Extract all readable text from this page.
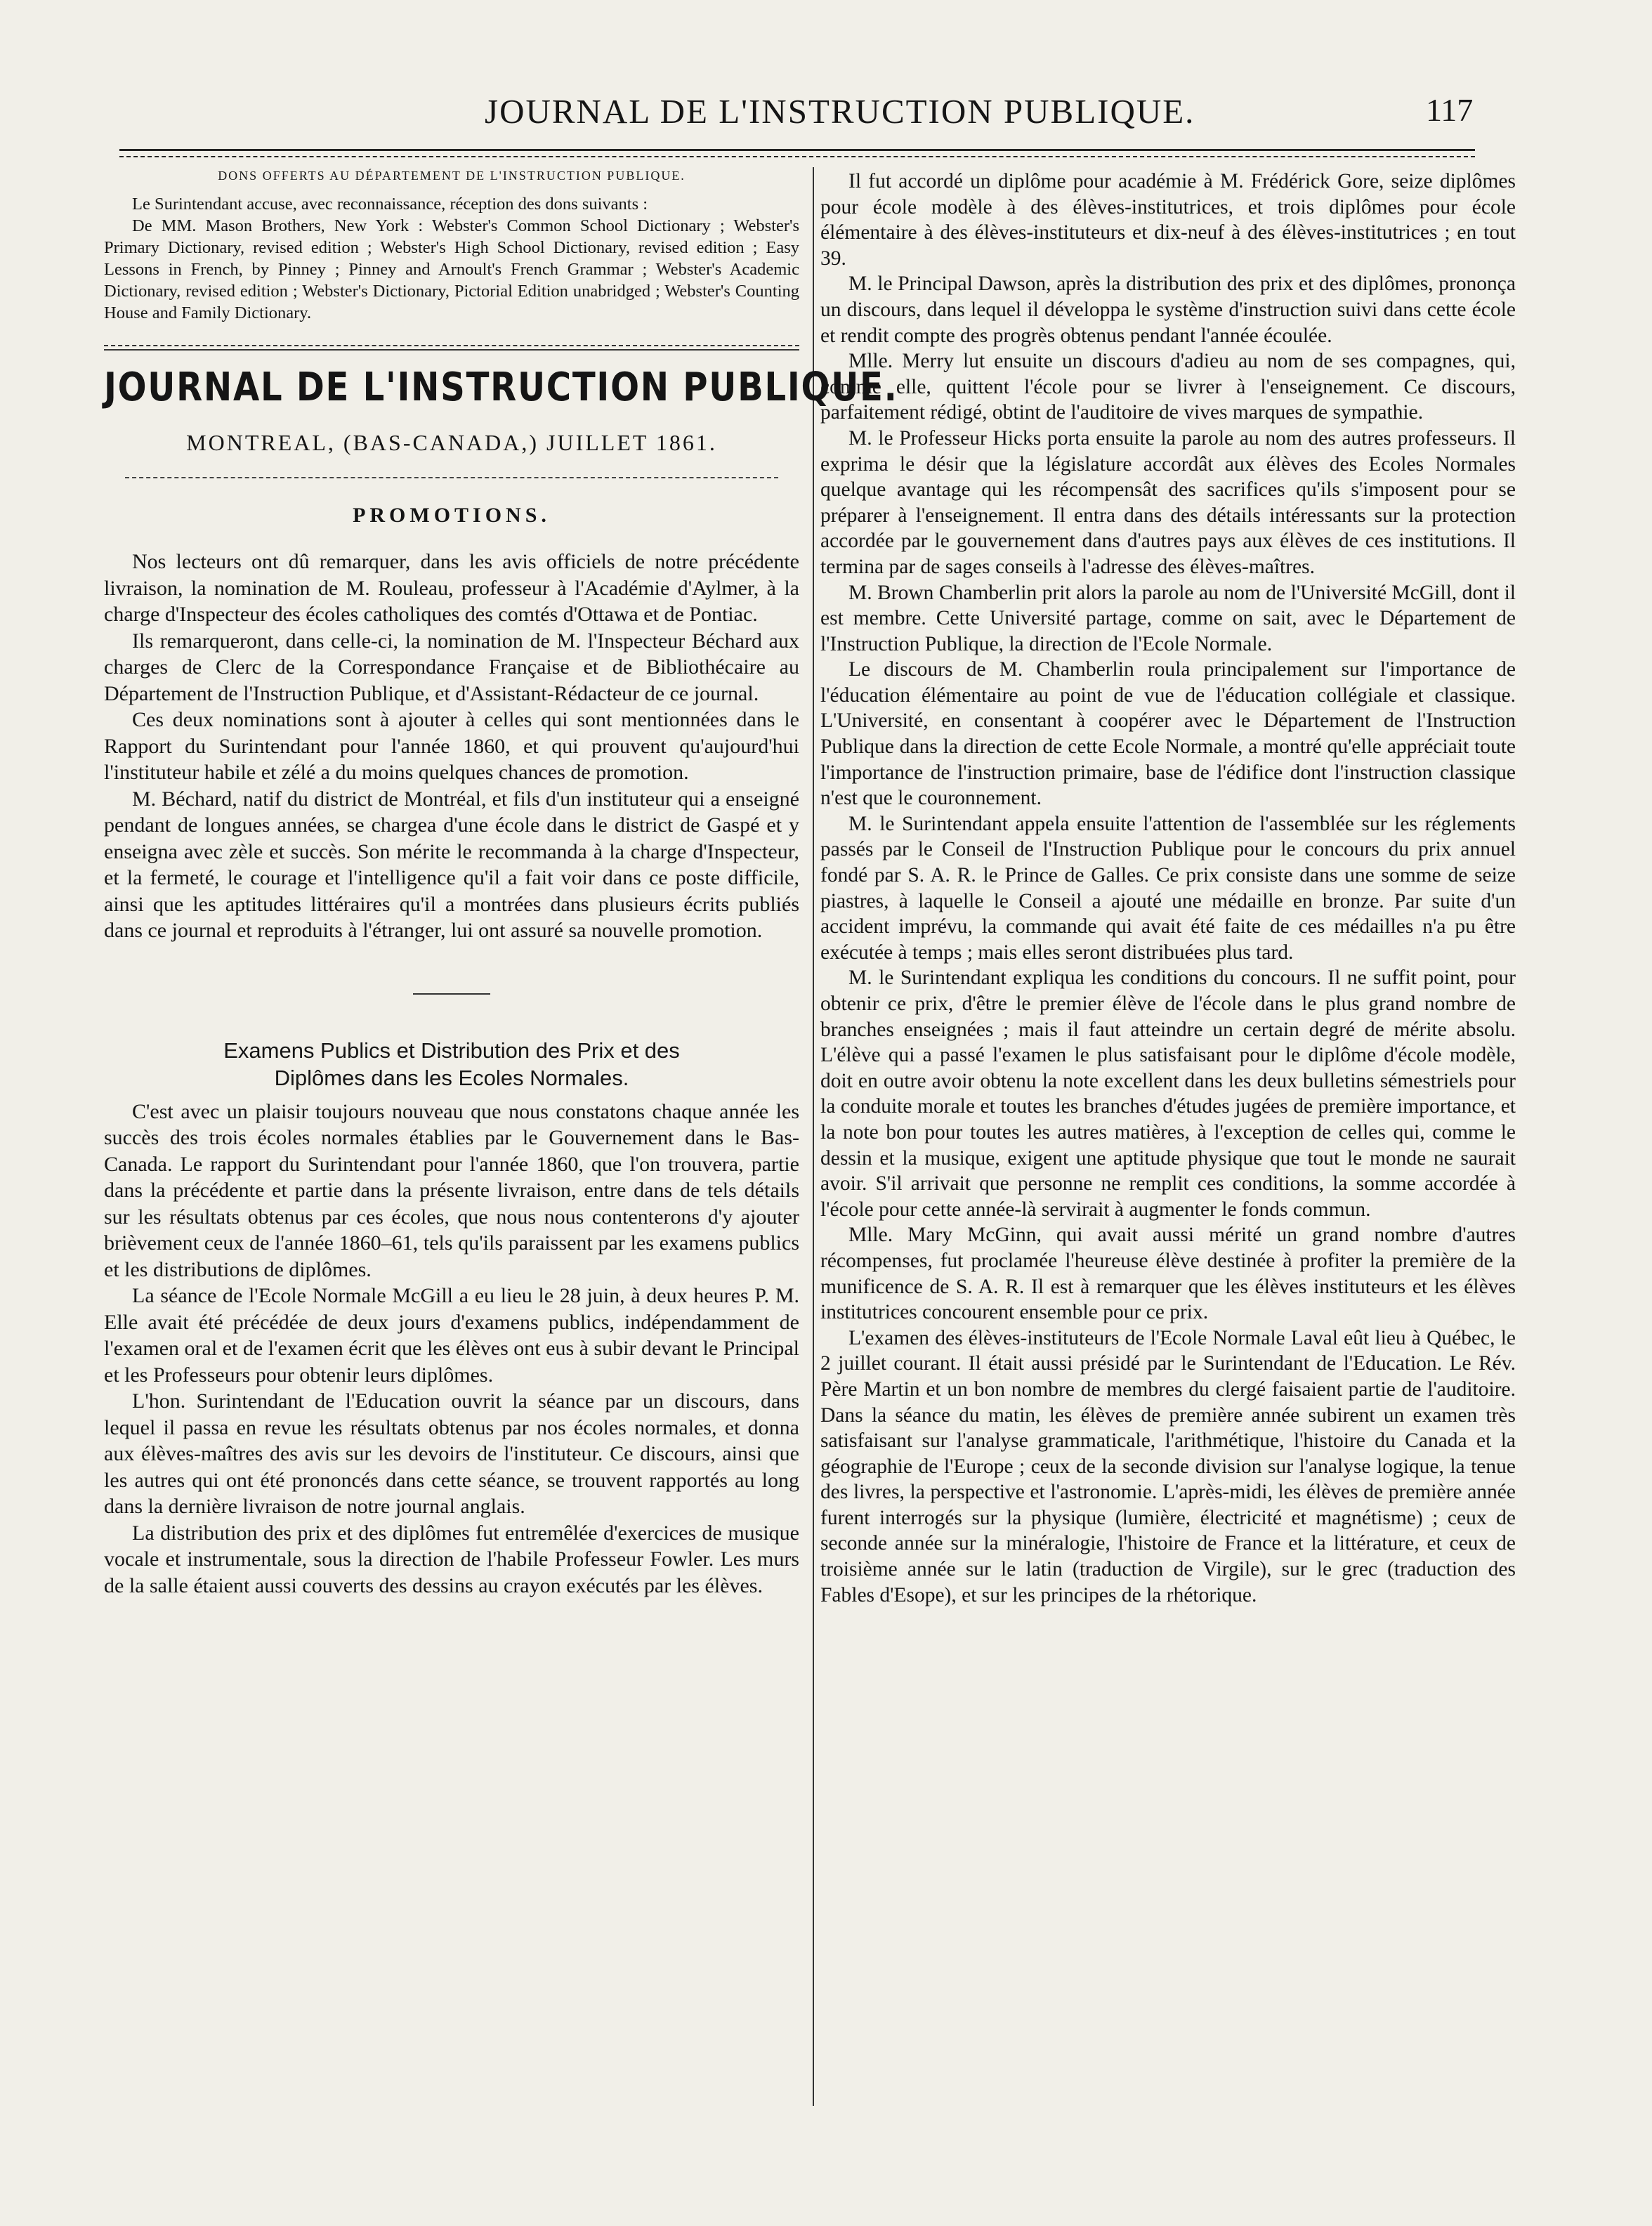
JOURNAL DE L'INSTRUCTION PUBLIQUE.	117
DONS OFFERTS AU DÉPARTEMENT DE L'INSTRUCTION PUBLIQUE.

Le Surintendant accuse, avec reconnaissance, réception des dons suivants :

De MM. Mason Brothers, New York : Webster's Common School Dictionary ; Webster's Primary Dictionary, revised edition ; Webster's High School Dictionary, revised edition ; Easy Lessons in French, by Pinney ; Pinney and Arnoult's French Grammar ; Webster's Academic Dictionary, revised edition ; Webster's Dictionary, Pictorial Edition unabridged ; Webster's Counting House and Family Dictionary.

JOURNAL DE L'INSTRUCTION PUBLIQUE.
MONTREAL, (BAS-CANADA,) JUILLET 1861.
PROMOTIONS.

Nos lecteurs ont dû remarquer, dans les avis officiels de notre précédente livraison, la nomination de M. Rouleau, professeur à l'Académie d'Aylmer, à la charge d'Inspecteur des écoles catholiques des comtés d'Ottawa et de Pontiac.

Ils remarqueront, dans celle-ci, la nomination de M. l'Inspecteur Béchard aux charges de Clerc de la Correspondance Française et de Bibliothécaire au Département de l'Instruction Publique, et d'Assistant-Rédacteur de ce journal.

Ces deux nominations sont à ajouter à celles qui sont mentionnées dans le Rapport du Surintendant pour l'année 1860, et qui prouvent qu'aujourd'hui l'instituteur habile et zélé a du moins quelques chances de promotion.

M. Béchard, natif du district de Montréal, et fils d'un instituteur qui a enseigné pendant de longues années, se chargea d'une école dans le district de Gaspé et y enseigna avec zèle et succès. Son mérite le recommanda à la charge d'Inspecteur, et la fermeté, le courage et l'intelligence qu'il a fait voir dans ce poste difficile, ainsi que les aptitudes littéraires qu'il a montrées dans plusieurs écrits publiés dans ce journal et reproduits à l'étranger, lui ont assuré sa nouvelle promotion.

Examens Publics et Distribution des Prix et des
Diplômes dans les Ecoles Normales.

C'est avec un plaisir toujours nouveau que nous constatons chaque année les succès des trois écoles normales établies par le Gouvernement dans le Bas-Canada. Le rapport du Surintendant pour l'année 1860, que l'on trouvera, partie dans la précédente et partie dans la présente livraison, entre dans de tels détails sur les résultats obtenus par ces écoles, que nous nous contenterons d'y ajouter brièvement ceux de l'année 1860–61, tels qu'ils paraissent par les examens publics et les distributions de diplômes.

La séance de l'Ecole Normale McGill a eu lieu le 28 juin, à deux heures P. M. Elle avait été précédée de deux jours d'examens publics, indépendamment de l'examen oral et de l'examen écrit que les élèves ont eus à subir devant le Principal et les Professeurs pour obtenir leurs diplômes.

L'hon. Surintendant de l'Education ouvrit la séance par un discours, dans lequel il passa en revue les résultats obtenus par nos écoles normales, et donna aux élèves-maîtres des avis sur les devoirs de l'instituteur. Ce discours, ainsi que les autres qui ont été prononcés dans cette séance, se trouvent rapportés au long dans la dernière livraison de notre journal anglais.

La distribution des prix et des diplômes fut entremêlée d'exercices de musique vocale et instrumentale, sous la direction de l'habile Professeur Fowler. Les murs de la salle étaient aussi couverts des dessins au crayon exécutés par les élèves.

Il fut accordé un diplôme pour académie à M. Frédérick Gore, seize diplômes pour école modèle à des élèves-institutrices, et trois diplômes pour école élémentaire à des élèves-instituteurs et dix-neuf à des élèves-institutrices ; en tout 39.

M. le Principal Dawson, après la distribution des prix et des diplômes, prononça un discours, dans lequel il développa le système d'instruction suivi dans cette école et rendit compte des progrès obtenus pendant l'année écoulée.

Mlle. Merry lut ensuite un discours d'adieu au nom de ses compagnes, qui, comme elle, quittent l'école pour se livrer à l'enseignement. Ce discours, parfaitement rédigé, obtint de l'auditoire de vives marques de sympathie.

M. le Professeur Hicks porta ensuite la parole au nom des autres professeurs. Il exprima le désir que la législature accordât aux élèves des Ecoles Normales quelque avantage qui les récompensât des sacrifices qu'ils s'imposent pour se préparer à l'enseignement. Il entra dans des détails intéressants sur la protection accordée par le gouvernement dans d'autres pays aux élèves de ces institutions. Il termina par de sages conseils à l'adresse des élèves-maîtres.

M. Brown Chamberlin prit alors la parole au nom de l'Université McGill, dont il est membre. Cette Université partage, comme on sait, avec le Département de l'Instruction Publique, la direction de l'Ecole Normale.

Le discours de M. Chamberlin roula principalement sur l'importance de l'éducation élémentaire au point de vue de l'éducation collégiale et classique. L'Université, en consentant à coopérer avec le Département de l'Instruction Publique dans la direction de cette Ecole Normale, a montré qu'elle appréciait toute l'importance de l'instruction primaire, base de l'édifice dont l'instruction classique n'est que le couronnement.

M. le Surintendant appela ensuite l'attention de l'assemblée sur les réglements passés par le Conseil de l'Instruction Publique pour le concours du prix annuel fondé par S. A. R. le Prince de Galles. Ce prix consiste dans une somme de seize piastres, à laquelle le Conseil a ajouté une médaille en bronze. Par suite d'un accident imprévu, la commande qui avait été faite de ces médailles n'a pu être exécutée à temps ; mais elles seront distribuées plus tard.

M. le Surintendant expliqua les conditions du concours. Il ne suffit point, pour obtenir ce prix, d'être le premier élève de l'école dans le plus grand nombre de branches enseignées ; mais il faut atteindre un certain degré de mérite absolu. L'élève qui a passé l'examen le plus satisfaisant pour le diplôme d'école modèle, doit en outre avoir obtenu la note excellent dans les deux bulletins sémestriels pour la conduite morale et toutes les branches d'études jugées de première importance, et la note bon pour toutes les autres matières, à l'exception de celles qui, comme le dessin et la musique, exigent une aptitude physique que tout le monde ne saurait avoir. S'il arrivait que personne ne remplit ces conditions, la somme accordée à l'école pour cette année-là servirait à augmenter le fonds commun.

Mlle. Mary McGinn, qui avait aussi mérité un grand nombre d'autres récompenses, fut proclamée l'heureuse élève destinée à profiter la première de la munificence de S. A. R. Il est à remarquer que les élèves instituteurs et les élèves institutrices concourent ensemble pour ce prix.

L'examen des élèves-instituteurs de l'Ecole Normale Laval eût lieu à Québec, le 2 juillet courant. Il était aussi présidé par le Surintendant de l'Education. Le Rév. Père Martin et un bon nombre de membres du clergé faisaient partie de l'auditoire. Dans la séance du matin, les élèves de première année subirent un examen très satisfaisant sur l'analyse grammaticale, l'arithmétique, l'histoire du Canada et la géographie de l'Europe ; ceux de la seconde division sur l'analyse logique, la tenue des livres, la perspective et l'astronomie. L'après-midi, les élèves de première année furent interrogés sur la physique (lumière, électricité et magnétisme) ; ceux de seconde année sur la minéralogie, l'histoire de France et la littérature, et ceux de troisième année sur le latin (traduction de Virgile), sur le grec (traduction des Fables d'Esope), et sur les principes de la rhétorique.
